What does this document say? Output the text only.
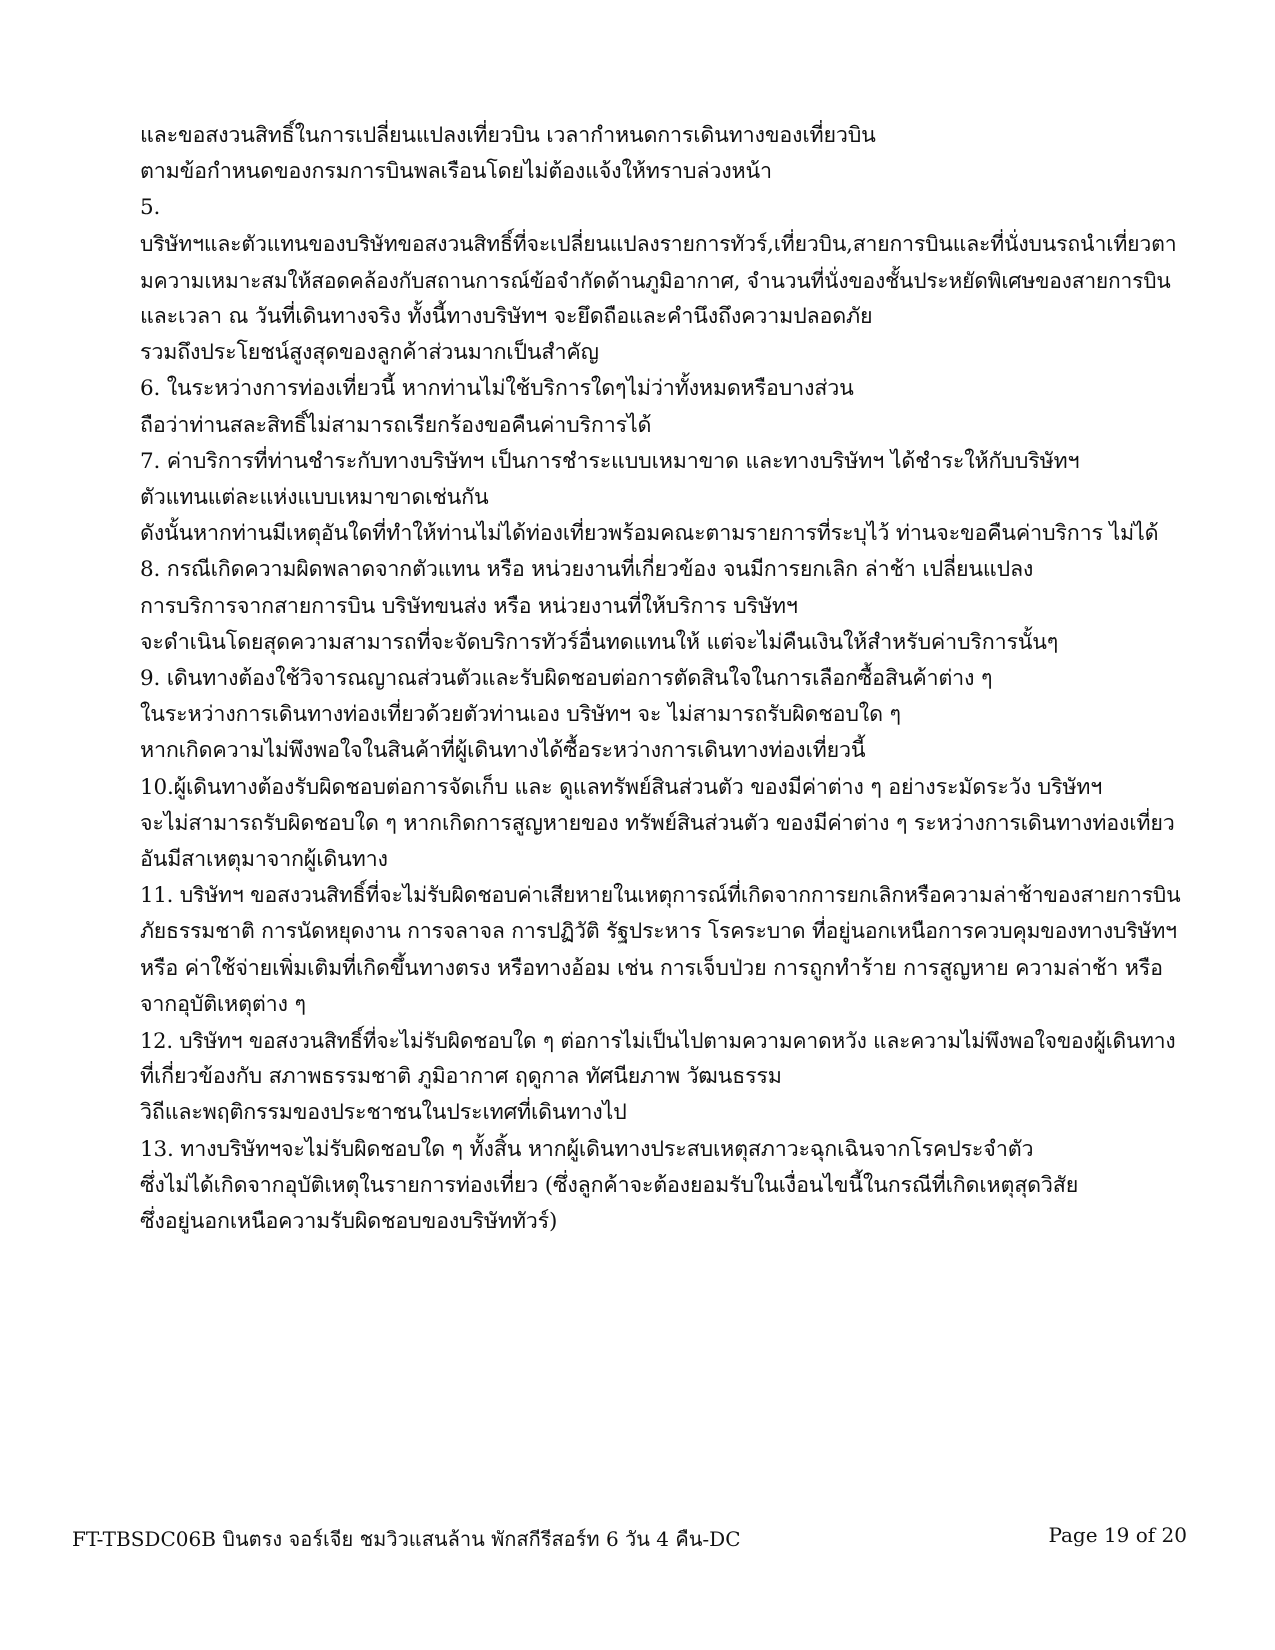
และขอสงวนสิทธิ์ในการเปลี่ยนแปลงเที่ยวบิน เวลากำหนดการเดินทางของเที่ยวบิน
ตามข้อกำหนดของกรมการบินพลเรือนโดยไม่ต้องแจ้งให้ทราบล่วงหน้า
5.
บริษัทฯและตัวแทนของบริษัทขอสงวนสิทธิ์ที่จะเปลี่ยนแปลงรายการทัวร์,เที่ยวบิน,สายการบินและที่นั่งบนรถนำเที่ยวตา
มความเหมาะสมให้สอดคล้องกับสถานการณ์ข้อจำกัดด้านภูมิอากาศ, จำนวนที่นั่งของชั้นประหยัดพิเศษของสายการบิน
และเวลา ณ วันที่เดินทางจริง ทั้งนี้ทางบริษัทฯ จะยึดถือและคำนึงถึงความปลอดภัย
รวมถึงประโยชน์สูงสุดของลูกค้าส่วนมากเป็นสำคัญ
6. ในระหว่างการท่องเที่ยวนี้ หากท่านไม่ใช้บริการใดๆไม่ว่าทั้งหมดหรือบางส่วน
ถือว่าท่านสละสิทธิ์ไม่สามารถเรียกร้องขอคืนค่าบริการได้
7. ค่าบริการที่ท่านชำระกับทางบริษัทฯ เป็นการชำระแบบเหมาขาด และทางบริษัทฯ ได้ชำระให้กับบริษัทฯ
ตัวแทนแต่ละแห่งแบบเหมาขาดเช่นกัน
ดังนั้นหากท่านมีเหตุอันใดที่ทำให้ท่านไม่ได้ท่องเที่ยวพร้อมคณะตามรายการที่ระบุไว้ ท่านจะขอคืนค่าบริการ ไม่ได้
8. กรณีเกิดความผิดพลาดจากตัวแทน หรือ หน่วยงานที่เกี่ยวข้อง จนมีการยกเลิก ล่าช้า เปลี่ยนแปลง
การบริการจากสายการบิน บริษัทขนส่ง หรือ หน่วยงานที่ให้บริการ บริษัทฯ
จะดำเนินโดยสุดความสามารถที่จะจัดบริการทัวร์อื่นทดแทนให้ แต่จะไม่คืนเงินให้สำหรับค่าบริการนั้นๆ
9. เดินทางต้องใช้วิจารณญาณส่วนตัวและรับผิดชอบต่อการตัดสินใจในการเลือกซื้อสินค้าต่าง ๆ
ในระหว่างการเดินทางท่องเที่ยวด้วยตัวท่านเอง บริษัทฯ จะ ไม่สามารถรับผิดชอบใด ๆ
หากเกิดความไม่พึงพอใจในสินค้าที่ผู้เดินทางได้ซื้อระหว่างการเดินทางท่องเที่ยวนี้
10.ผู้เดินทางต้องรับผิดชอบต่อการจัดเก็บ และ ดูแลทรัพย์สินส่วนตัว ของมีค่าต่าง ๆ อย่างระมัดระวัง บริษัทฯ
จะไม่สามารถรับผิดชอบใด ๆ หากเกิดการสูญหายของ ทรัพย์สินส่วนตัว ของมีค่าต่าง ๆ ระหว่างการเดินทางท่องเที่ยว
อันมีสาเหตุมาจากผู้เดินทาง
11. บริษัทฯ ขอสงวนสิทธิ์ที่จะไม่รับผิดชอบค่าเสียหายในเหตุการณ์ที่เกิดจากการยกเลิกหรือความล่าช้าของสายการบิน
ภัยธรรมชาติ การนัดหยุดงาน การจลาจล การปฏิวัติ รัฐประหาร โรคระบาด ที่อยู่นอกเหนือการควบคุมของทางบริษัทฯ
หรือ ค่าใช้จ่ายเพิ่มเติมที่เกิดขึ้นทางตรง หรือทางอ้อม เช่น การเจ็บป่วย การถูกทำร้าย การสูญหาย ความล่าช้า หรือ
จากอุบัติเหตุต่าง ๆ
12. บริษัทฯ ขอสงวนสิทธิ์ที่จะไม่รับผิดชอบใด ๆ ต่อการไม่เป็นไปตามความคาดหวัง และความไม่พึงพอใจของผู้เดินทาง
ที่เกี่ยวข้องกับ สภาพธรรมชาติ ภูมิอากาศ ฤดูกาล ทัศนียภาพ วัฒนธรรม
วิถีและพฤติกรรมของประชาชนในประเทศที่เดินทางไป
13. ทางบริษัทฯจะไม่รับผิดชอบใด ๆ ทั้งสิ้น หากผู้เดินทางประสบเหตุสภาวะฉุกเฉินจากโรคประจำตัว
ซึ่งไม่ได้เกิดจากอุบัติเหตุในรายการท่องเที่ยว (ซึ่งลูกค้าจะต้องยอมรับในเงื่อนไขนี้ในกรณีที่เกิดเหตุสุดวิสัย
ซึ่งอยู่นอกเหนือความรับผิดชอบของบริษัททัวร์)
FT-TBSDC06B บินตรง จอร์เจีย ชมวิวแสนล้าน พักสกีรีสอร์ท 6 วัน 4 คืน-DC	Page 19 of 20
